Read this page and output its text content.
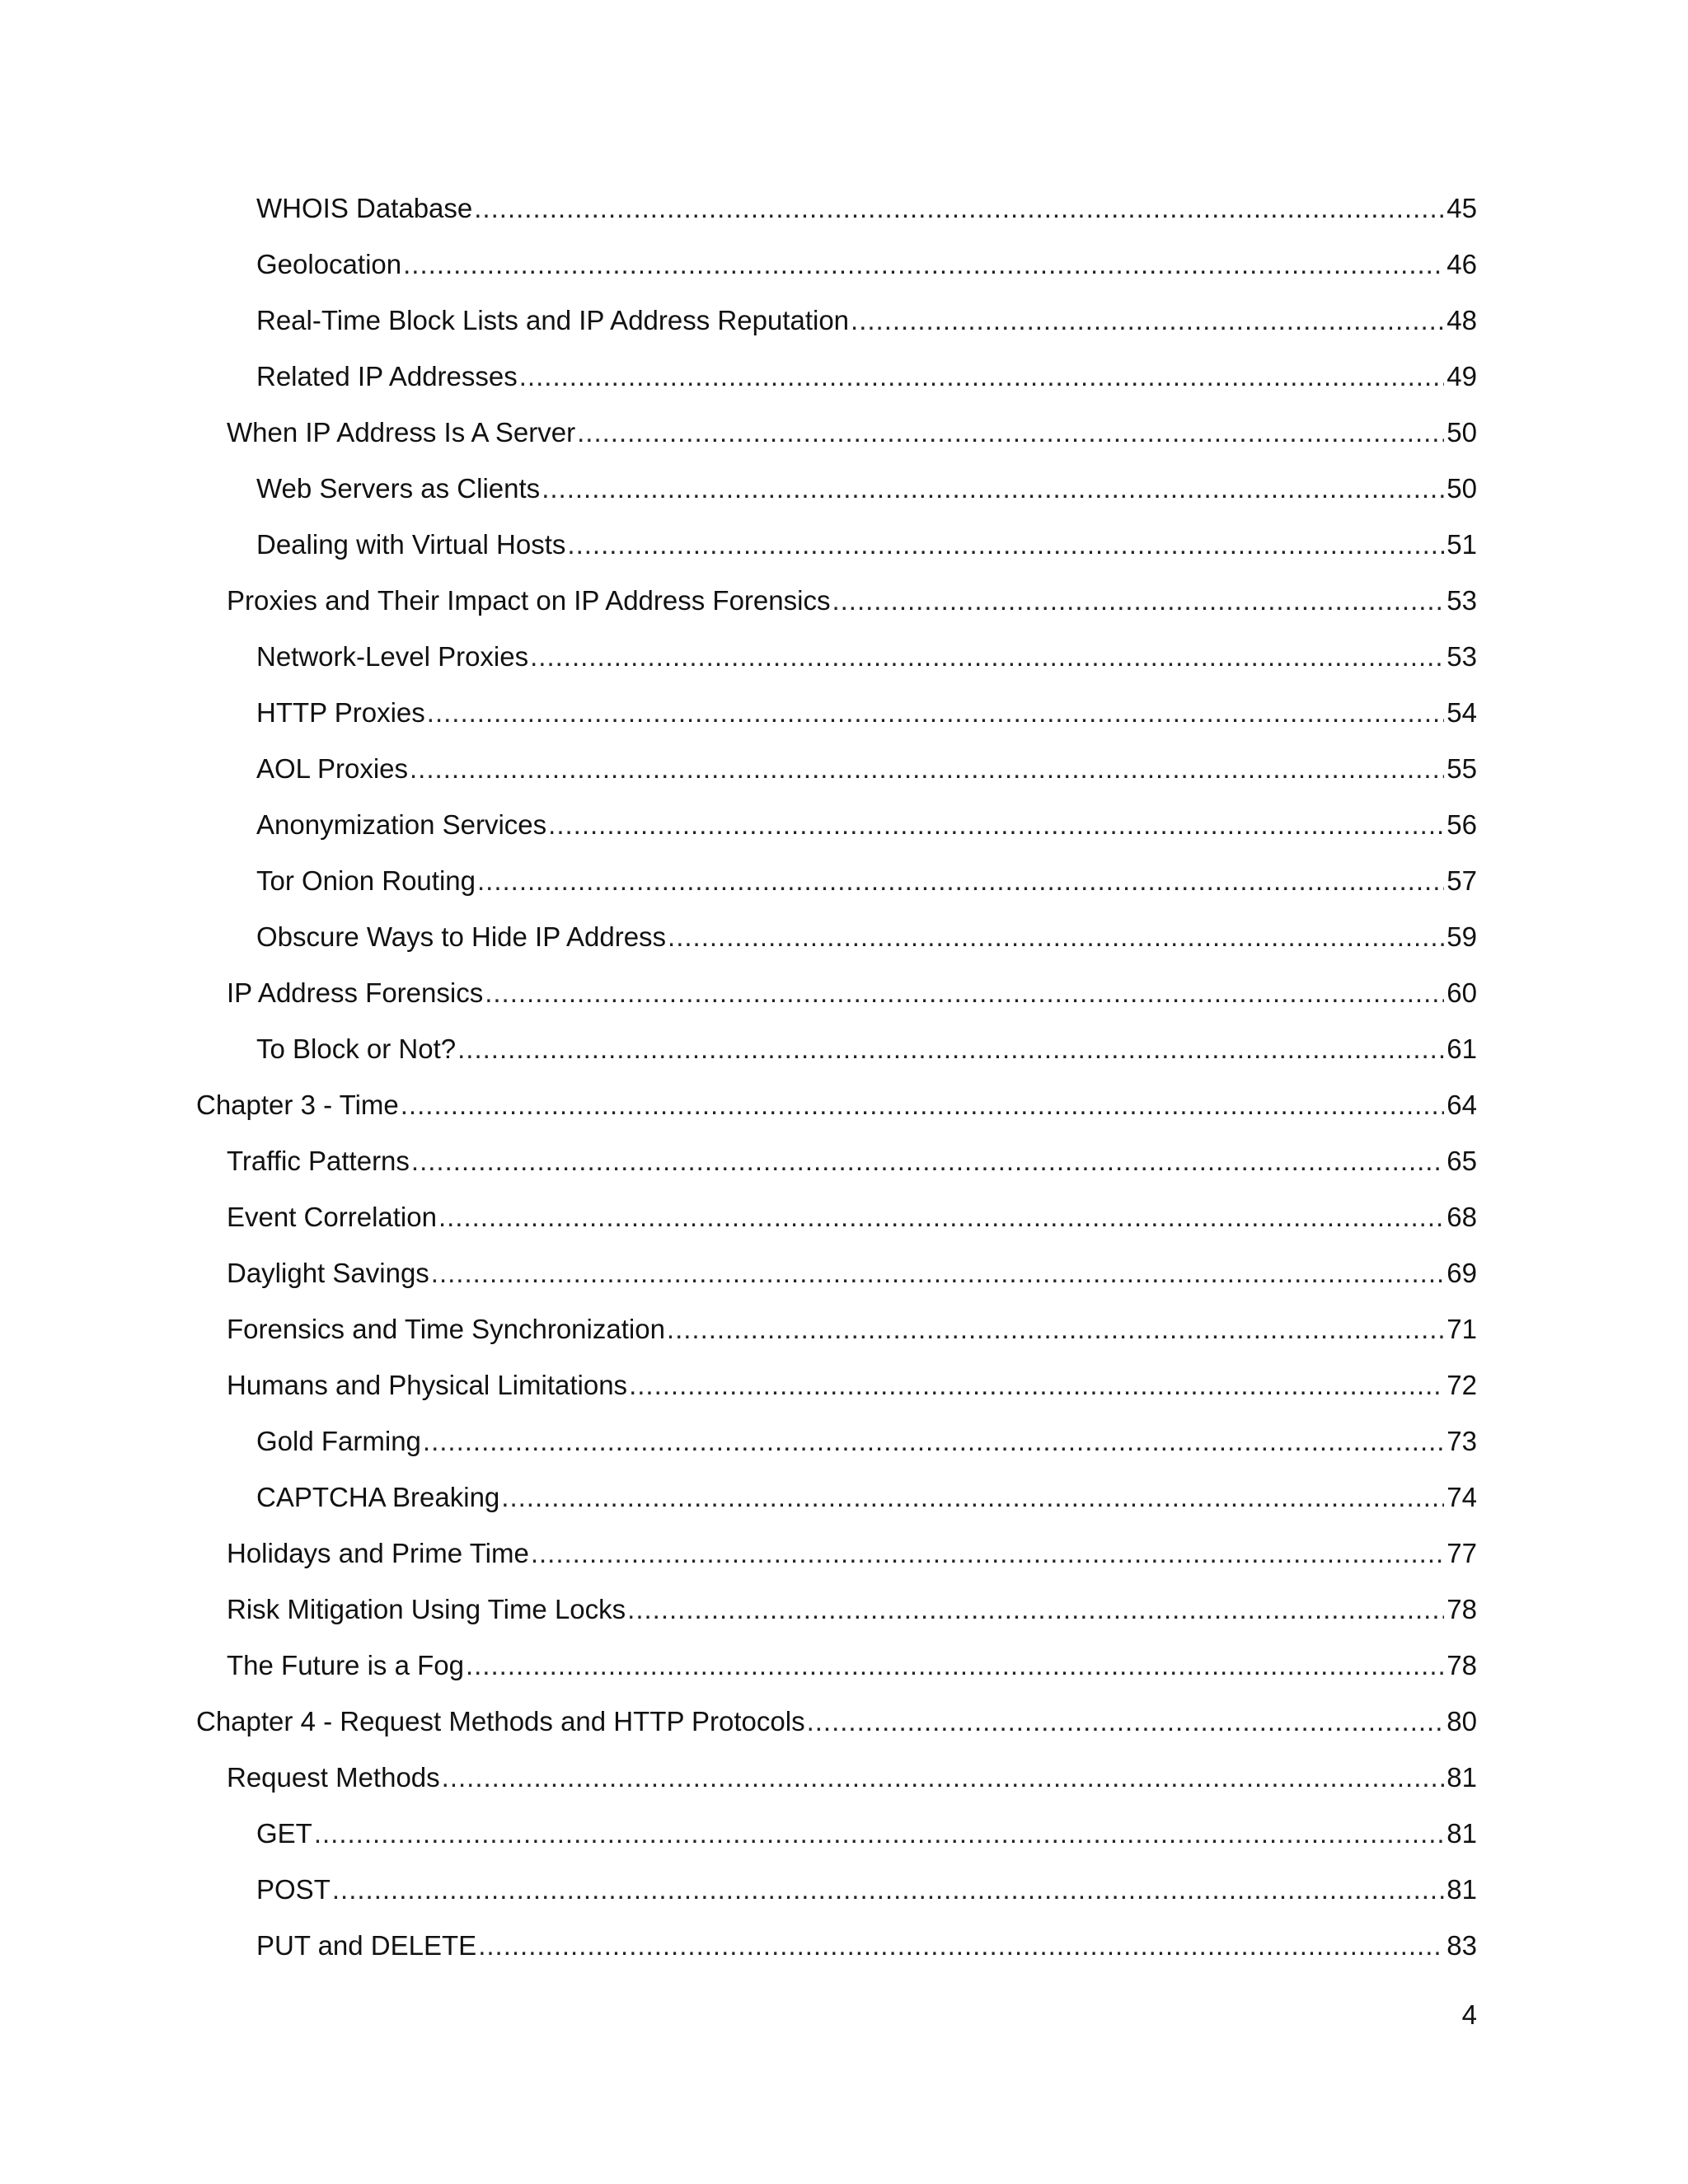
WHOIS Database .....	45
Geolocation .....	46
Real-Time Block Lists and IP Address Reputation .....	48
Related IP Addresses .....	49
When IP Address Is A Server .....	50
Web Servers as Clients .....	50
Dealing with Virtual Hosts .....	51
Proxies and Their Impact on IP Address Forensics .....	53
Network-Level Proxies .....	53
HTTP Proxies .....	54
AOL Proxies .....	55
Anonymization Services .....	56
Tor Onion Routing .....	57
Obscure Ways to Hide IP Address .....	59
IP Address Forensics .....	60
To Block or Not? .....	61
Chapter 3 - Time .....	64
Traffic Patterns .....	65
Event Correlation .....	68
Daylight Savings .....	69
Forensics and Time Synchronization .....	71
Humans and Physical Limitations .....	72
Gold Farming .....	73
CAPTCHA Breaking .....	74
Holidays and Prime Time .....	77
Risk Mitigation Using Time Locks .....	78
The Future is a Fog .....	78
Chapter 4 - Request Methods and HTTP Protocols .....	80
Request Methods .....	81
GET .....	81
POST .....	81
PUT and DELETE .....	83
4
